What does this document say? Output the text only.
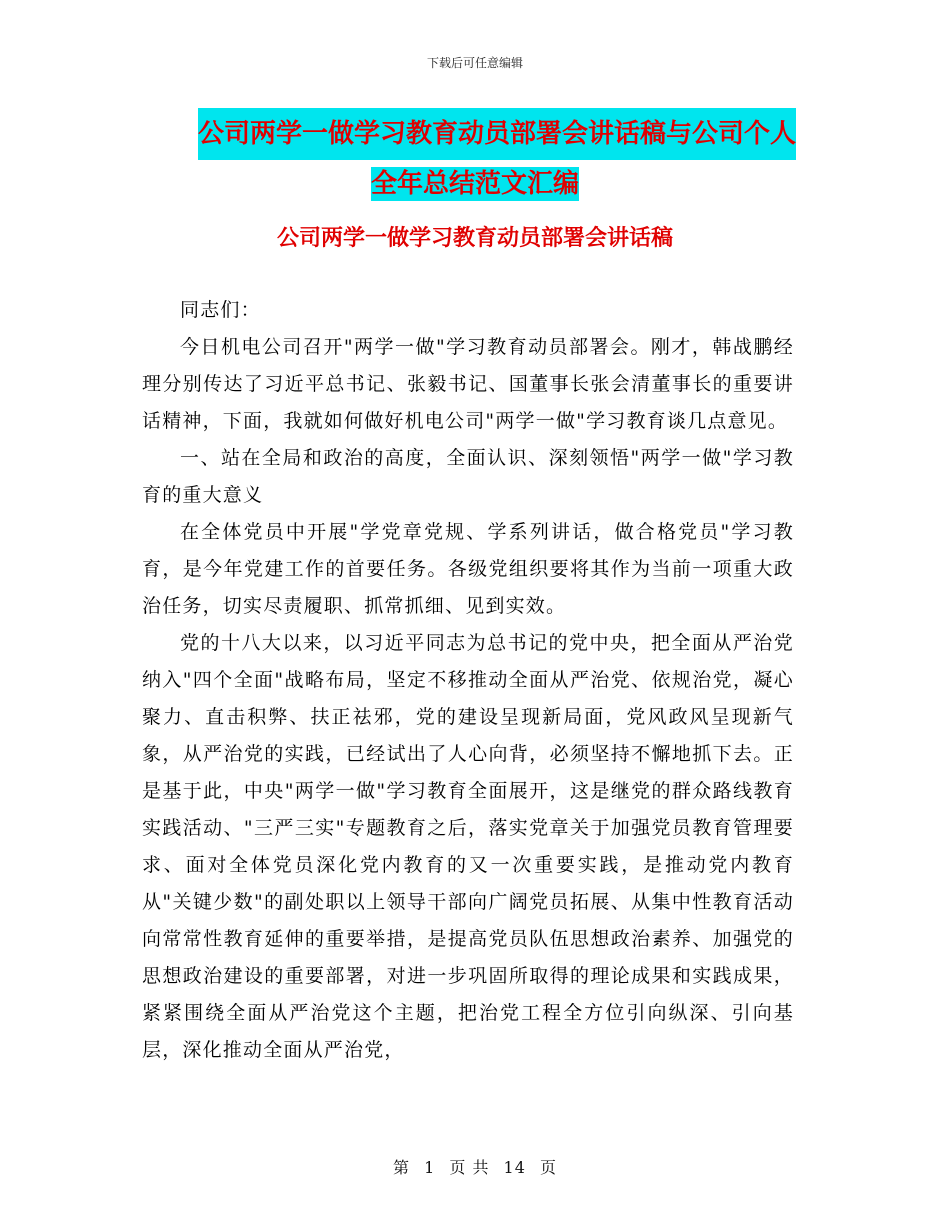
下载后可任意编辑
公司两学一做学习教育动员部署会讲话稿与公司个人
全年总结范文汇编
公司两学一做学习教育动员部署会讲话稿

同志们：

今日机电公司召开"两学一做"学习教育动员部署会。刚才，韩战鹏经理分别传达了习近平总书记、张毅书记、国董事长张会清董事长的重要讲话精神，下面，我就如何做好机电公司"两学一做"学习教育谈几点意见。

一、站在全局和政治的高度，全面认识、深刻领悟"两学一做"学习教育的重大意义

在全体党员中开展"学党章党规、学系列讲话，做合格党员"学习教育，是今年党建工作的首要任务。各级党组织要将其作为当前一项重大政治任务，切实尽责履职、抓常抓细、见到实效。

党的十八大以来，以习近平同志为总书记的党中央，把全面从严治党纳入"四个全面"战略布局，坚定不移推动全面从严治党、依规治党，凝心聚力、直击积弊、扶正祛邪，党的建设呈现新局面，党风政风呈现新气象，从严治党的实践，已经试出了人心向背，必须坚持不懈地抓下去。正是基于此，中央"两学一做"学习教育全面展开，这是继党的群众路线教育实践活动、"三严三实"专题教育之后，落实党章关于加强党员教育管理要求、面对全体党员深化党内教育的又一次重要实践，是推动党内教育从"关键少数"的副处职以上领导干部向广阔党员拓展、从集中性教育活动向常常性教育延伸的重要举措，是提高党员队伍思想政治素养、加强党的思想政治建设的重要部署，对进一步巩固所取得的理论成果和实践成果，紧紧围绕全面从严治党这个主题，把治党工程全方位引向纵深、引向基层，深化推动全面从严治党，

第 1 页 共 14 页
